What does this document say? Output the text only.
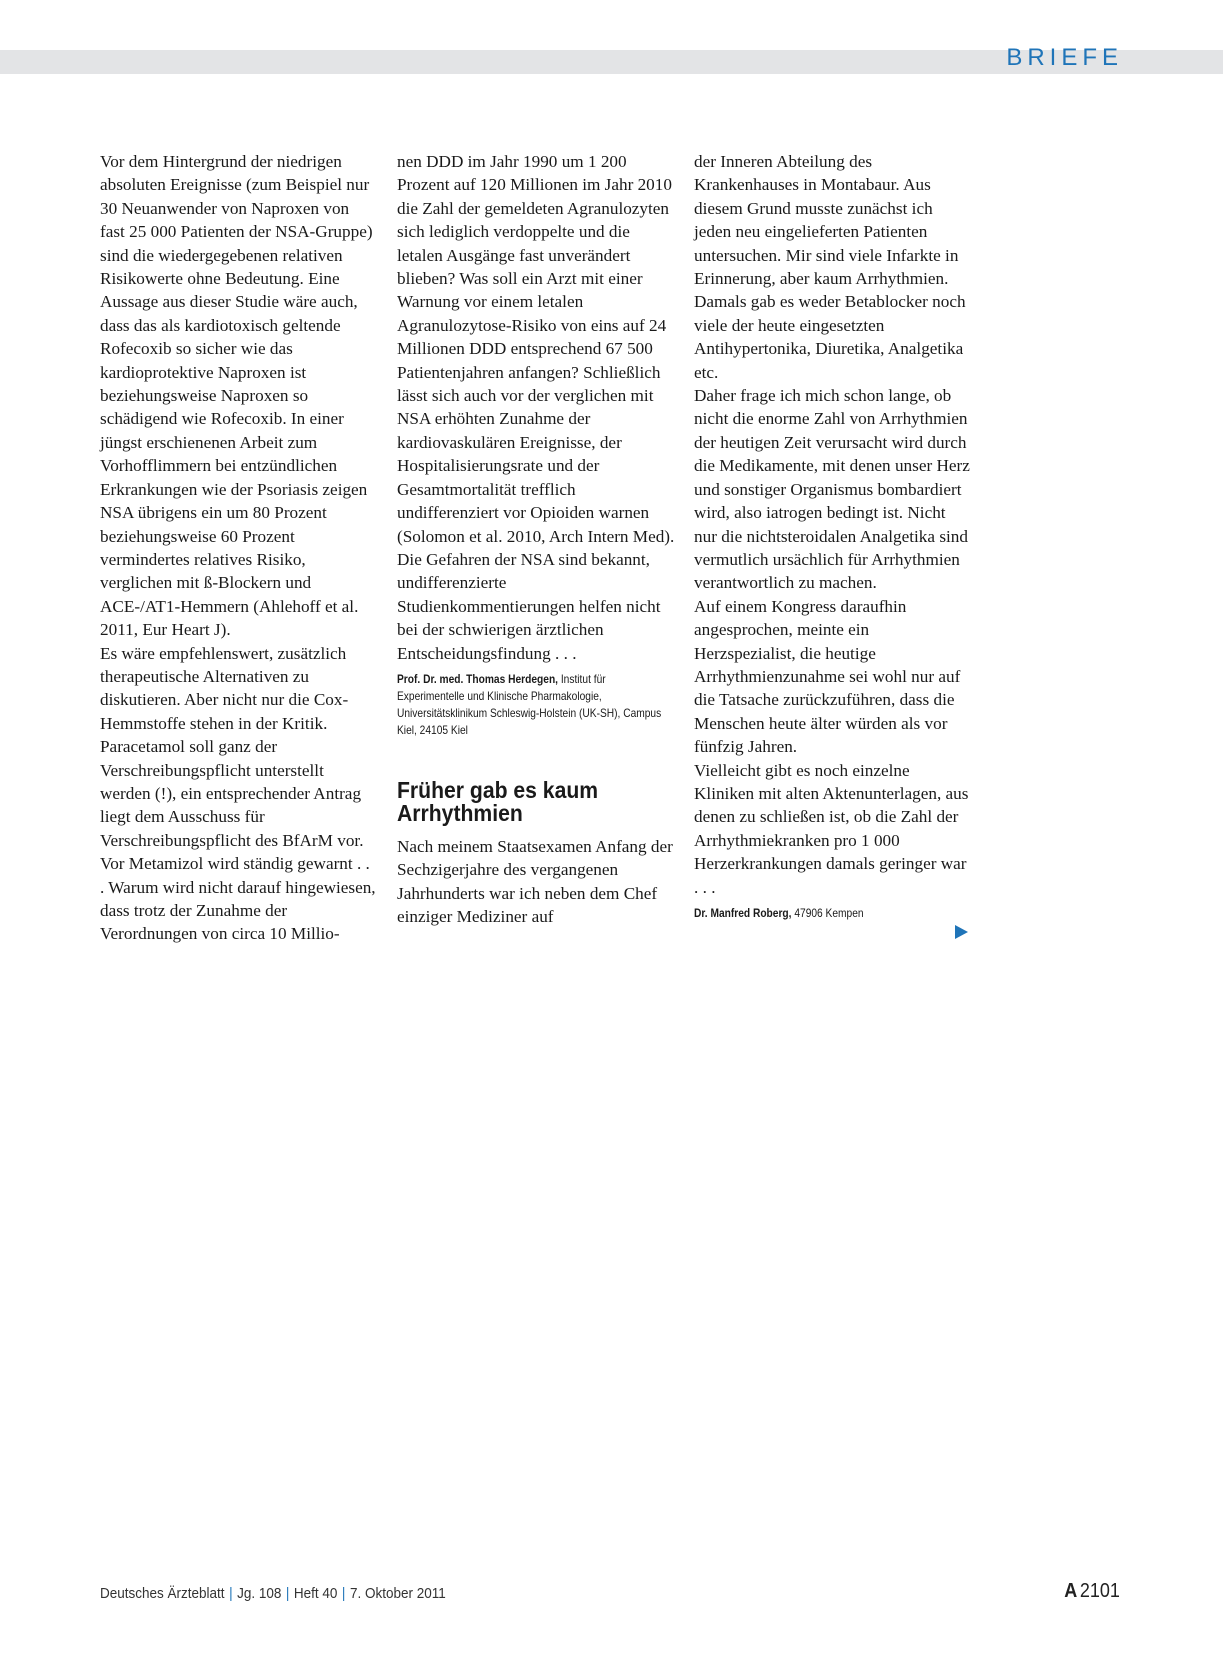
BRIEFE

Vor dem Hintergrund der niedrigen absoluten Ereignisse (zum Beispiel nur 30 Neuanwender von Naproxen von fast 25 000 Patienten der NSA-Gruppe) sind die wiedergegebenen relativen Risikowerte ohne Bedeutung. Eine Aussage aus dieser Studie wäre auch, dass das als kardiotoxisch geltende Rofecoxib so sicher wie das kardioprotektive Naproxen ist beziehungsweise Naproxen so schädigend wie Rofecoxib. In einer jüngst erschienenen Arbeit zum Vorhofflimmern bei entzündlichen Erkrankungen wie der Psoriasis zeigen NSA übrigens ein um 80 Prozent beziehungsweise 60 Prozent vermindertes relatives Risiko, verglichen mit ß-Blockern und ACE-/AT1-Hemmern (Ahlehoff et al. 2011, Eur Heart J).

Es wäre empfehlenswert, zusätzlich therapeutische Alternativen zu diskutieren. Aber nicht nur die Cox-Hemmstoffe stehen in der Kritik. Paracetamol soll ganz der Verschreibungspflicht unterstellt werden (!), ein entsprechender Antrag liegt dem Ausschuss für Verschreibungspflicht des BfArM vor. Vor Metamizol wird ständig gewarnt . . . Warum wird nicht darauf hingewiesen, dass trotz der Zunahme der Verordnungen von circa 10 Millio-

nen DDD im Jahr 1990 um 1 200 Prozent auf 120 Millionen im Jahr 2010 die Zahl der gemeldeten Agranulozyten sich lediglich verdoppelte und die letalen Ausgänge fast unverändert blieben? Was soll ein Arzt mit einer Warnung vor einem letalen Agranulozytose-Risiko von eins auf 24 Millionen DDD entsprechend 67 500 Patientenjahren anfangen? Schließlich lässt sich auch vor der verglichen mit NSA erhöhten Zunahme der kardiovaskulären Ereignisse, der Hospitalisierungsrate und der Gesamtmortalität trefflich undifferenziert vor Opioiden warnen (Solomon et al. 2010, Arch Intern Med). Die Gefahren der NSA sind bekannt, undifferenzierte Studienkommentierungen helfen nicht bei der schwierigen ärztlichen Entscheidungsfindung . . .

Prof. Dr. med. Thomas Herdegen, Institut für Experimentelle und Klinische Pharmakologie, Universitätsklinikum Schleswig-Holstein (UK-SH), Campus Kiel, 24105 Kiel
Früher gab es kaum Arrhythmien

Nach meinem Staatsexamen Anfang der Sechzigerjahre des vergangenen Jahrhunderts war ich neben dem Chef einziger Mediziner auf

der Inneren Abteilung des Krankenhauses in Montabaur. Aus diesem Grund musste zunächst ich jeden neu eingelieferten Patienten untersuchen. Mir sind viele Infarkte in Erinnerung, aber kaum Arrhythmien. Damals gab es weder Betablocker noch viele der heute eingesetzten Antihypertonika, Diuretika, Analgetika etc.

Daher frage ich mich schon lange, ob nicht die enorme Zahl von Arrhythmien der heutigen Zeit verursacht wird durch die Medikamente, mit denen unser Herz und sonstiger Organismus bombardiert wird, also iatrogen bedingt ist. Nicht nur die nichtsteroidalen Analgetika sind vermutlich ursächlich für Arrhythmien verantwortlich zu machen.

Auf einem Kongress daraufhin angesprochen, meinte ein Herzspezialist, die heutige Arrhythmienzunahme sei wohl nur auf die Tatsache zurückzuführen, dass die Menschen heute älter würden als vor fünfzig Jahren.

Vielleicht gibt es noch einzelne Kliniken mit alten Aktenunterlagen, aus denen zu schließen ist, ob die Zahl der Arrhythmiekranken pro 1 000 Herzerkrankungen damals geringer war . . .

Dr. Manfred Roberg, 47906 Kempen
Deutsches Ärzteblatt | Jg. 108 | Heft 40 | 7. Oktober 2011	A 2101
